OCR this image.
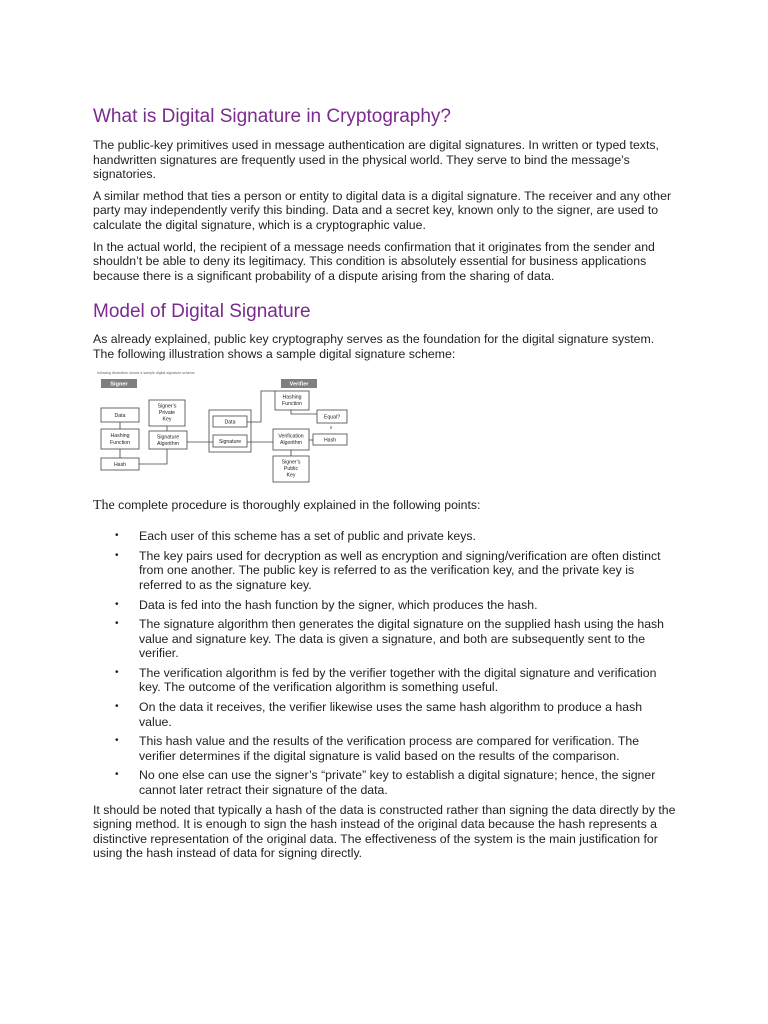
What is Digital Signature in Cryptography?

The public-key primitives used in message authentication are digital signatures. In written or typed texts, handwritten signatures are frequently used in the physical world. They serve to bind the message’s signatories.

A similar method that ties a person or entity to digital data is a digital signature. The receiver and any other party may independently verify this binding. Data and a secret key, known only to the signer, are used to calculate the digital signature, which is a cryptographic value.

In the actual world, the recipient of a message needs confirmation that it originates from the sender and shouldn’t be able to deny its legitimacy. This condition is absolutely essential for business applications because there is a significant probability of a dispute arising from the sharing of data.

Model of Digital Signature

As already explained, public key cryptography serves as the foundation for the digital signature system. The following illustration shows a sample digital signature scheme:

following illustration shows a sample digital signature scheme
Signer	Verifier
Data
Hashing
Function
Hash
Signer’s
Private
Key
Signature
Algorithm
Data
Signature
Hashing
Function
Equal?
Verification
Algorithm	Hash
Signer’s
Public
Key
The complete procedure is thoroughly explained in the following points:
• Each user of this scheme has a set of public and private keys.
• The key pairs used for decryption as well as encryption and signing/verification are often distinct from one another. The public key is referred to as the verification key, and the private key is referred to as the signature key.
• Data is fed into the hash function by the signer, which produces the hash.
• The signature algorithm then generates the digital signature on the supplied hash using the hash value and signature key. The data is given a signature, and both are subsequently sent to the verifier.
• The verification algorithm is fed by the verifier together with the digital signature and verification key. The outcome of the verification algorithm is something useful.
• On the data it receives, the verifier likewise uses the same hash algorithm to produce a hash value.
• This hash value and the results of the verification process are compared for verification. The verifier determines if the digital signature is valid based on the results of the comparison.
• No one else can use the signer’s “private” key to establish a digital signature; hence, the signer cannot later retract their signature of the data.

It should be noted that typically a hash of the data is constructed rather than signing the data directly by the signing method. It is enough to sign the hash instead of the original data because the hash represents a distinctive representation of the original data. The effectiveness of the system is the main justification for using the hash instead of data for signing directly.
